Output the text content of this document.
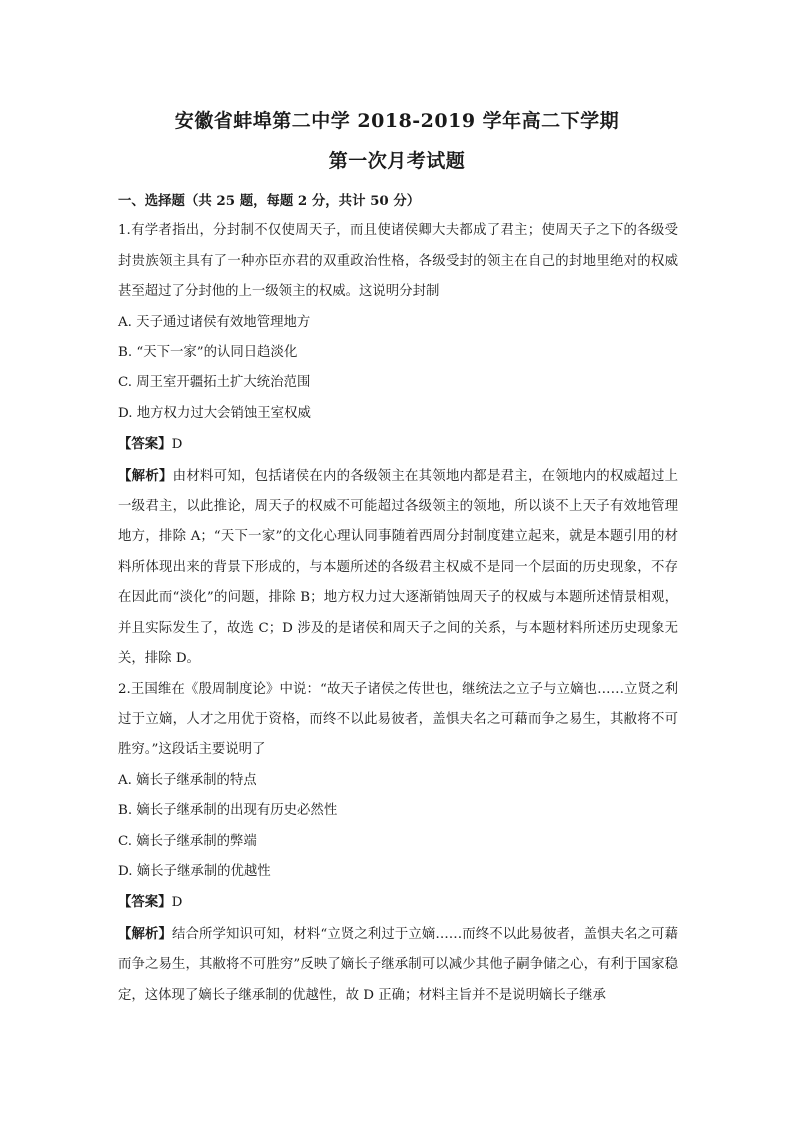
安徽省蚌埠第二中学 2018-2019 学年高二下学期
第一次月考试题

一、选择题（共 25 题，每题 2 分，共计 50 分）

1.有学者指出，分封制不仅使周天子，而且使诸侯卿大夫都成了君主；使周天子之下的各级受封贵族领主具有了一种亦臣亦君的双重政治性格，各级受封的领主在自己的封地里绝对的权威甚至超过了分封他的上一级领主的权威。这说明分封制

A. 天子通过诸侯有效地管理地方
B. “天下一家”的认同日趋淡化
C. 周王室开疆拓土扩大统治范围
D. 地方权力过大会销蚀王室权威

【答案】D

【解析】由材料可知，包括诸侯在内的各级领主在其领地内都是君主，在领地内的权威超过上一级君主，以此推论，周天子的权威不可能超过各级领主的领地，所以谈不上天子有效地管理地方，排除 A；“天下一家”的文化心理认同事随着西周分封制度建立起来，就是本题引用的材料所体现出来的背景下形成的，与本题所述的各级君主权威不是同一个层面的历史现象，不存在因此而“淡化”的问题，排除 B；地方权力过大逐渐销蚀周天子的权威与本题所述情景相观，并且实际发生了，故选 C；D 涉及的是诸侯和周天子之间的关系，与本题材料所述历史现象无关，排除 D。

2.王国维在《殷周制度论》中说：“故天子诸侯之传世也，继统法之立子与立嫡也……立贤之利过于立嫡，人才之用优于资格，而终不以此易彼者，盖惧夫名之可藉而争之易生，其敝将不可胜穷。”这段话主要说明了

A. 嫡长子继承制的特点
B. 嫡长子继承制的出现有历史必然性
C. 嫡长子继承制的弊端
D. 嫡长子继承制的优越性

【答案】D

【解析】结合所学知识可知，材料“立贤之利过于立嫡……而终不以此易彼者，盖惧夫名之可藉而争之易生，其敝将不可胜穷”反映了嫡长子继承制可以减少其他子嗣争储之心，有利于国家稳定，这体现了嫡长子继承制的优越性，故 D 正确；材料主旨并不是说明嫡长子继承
